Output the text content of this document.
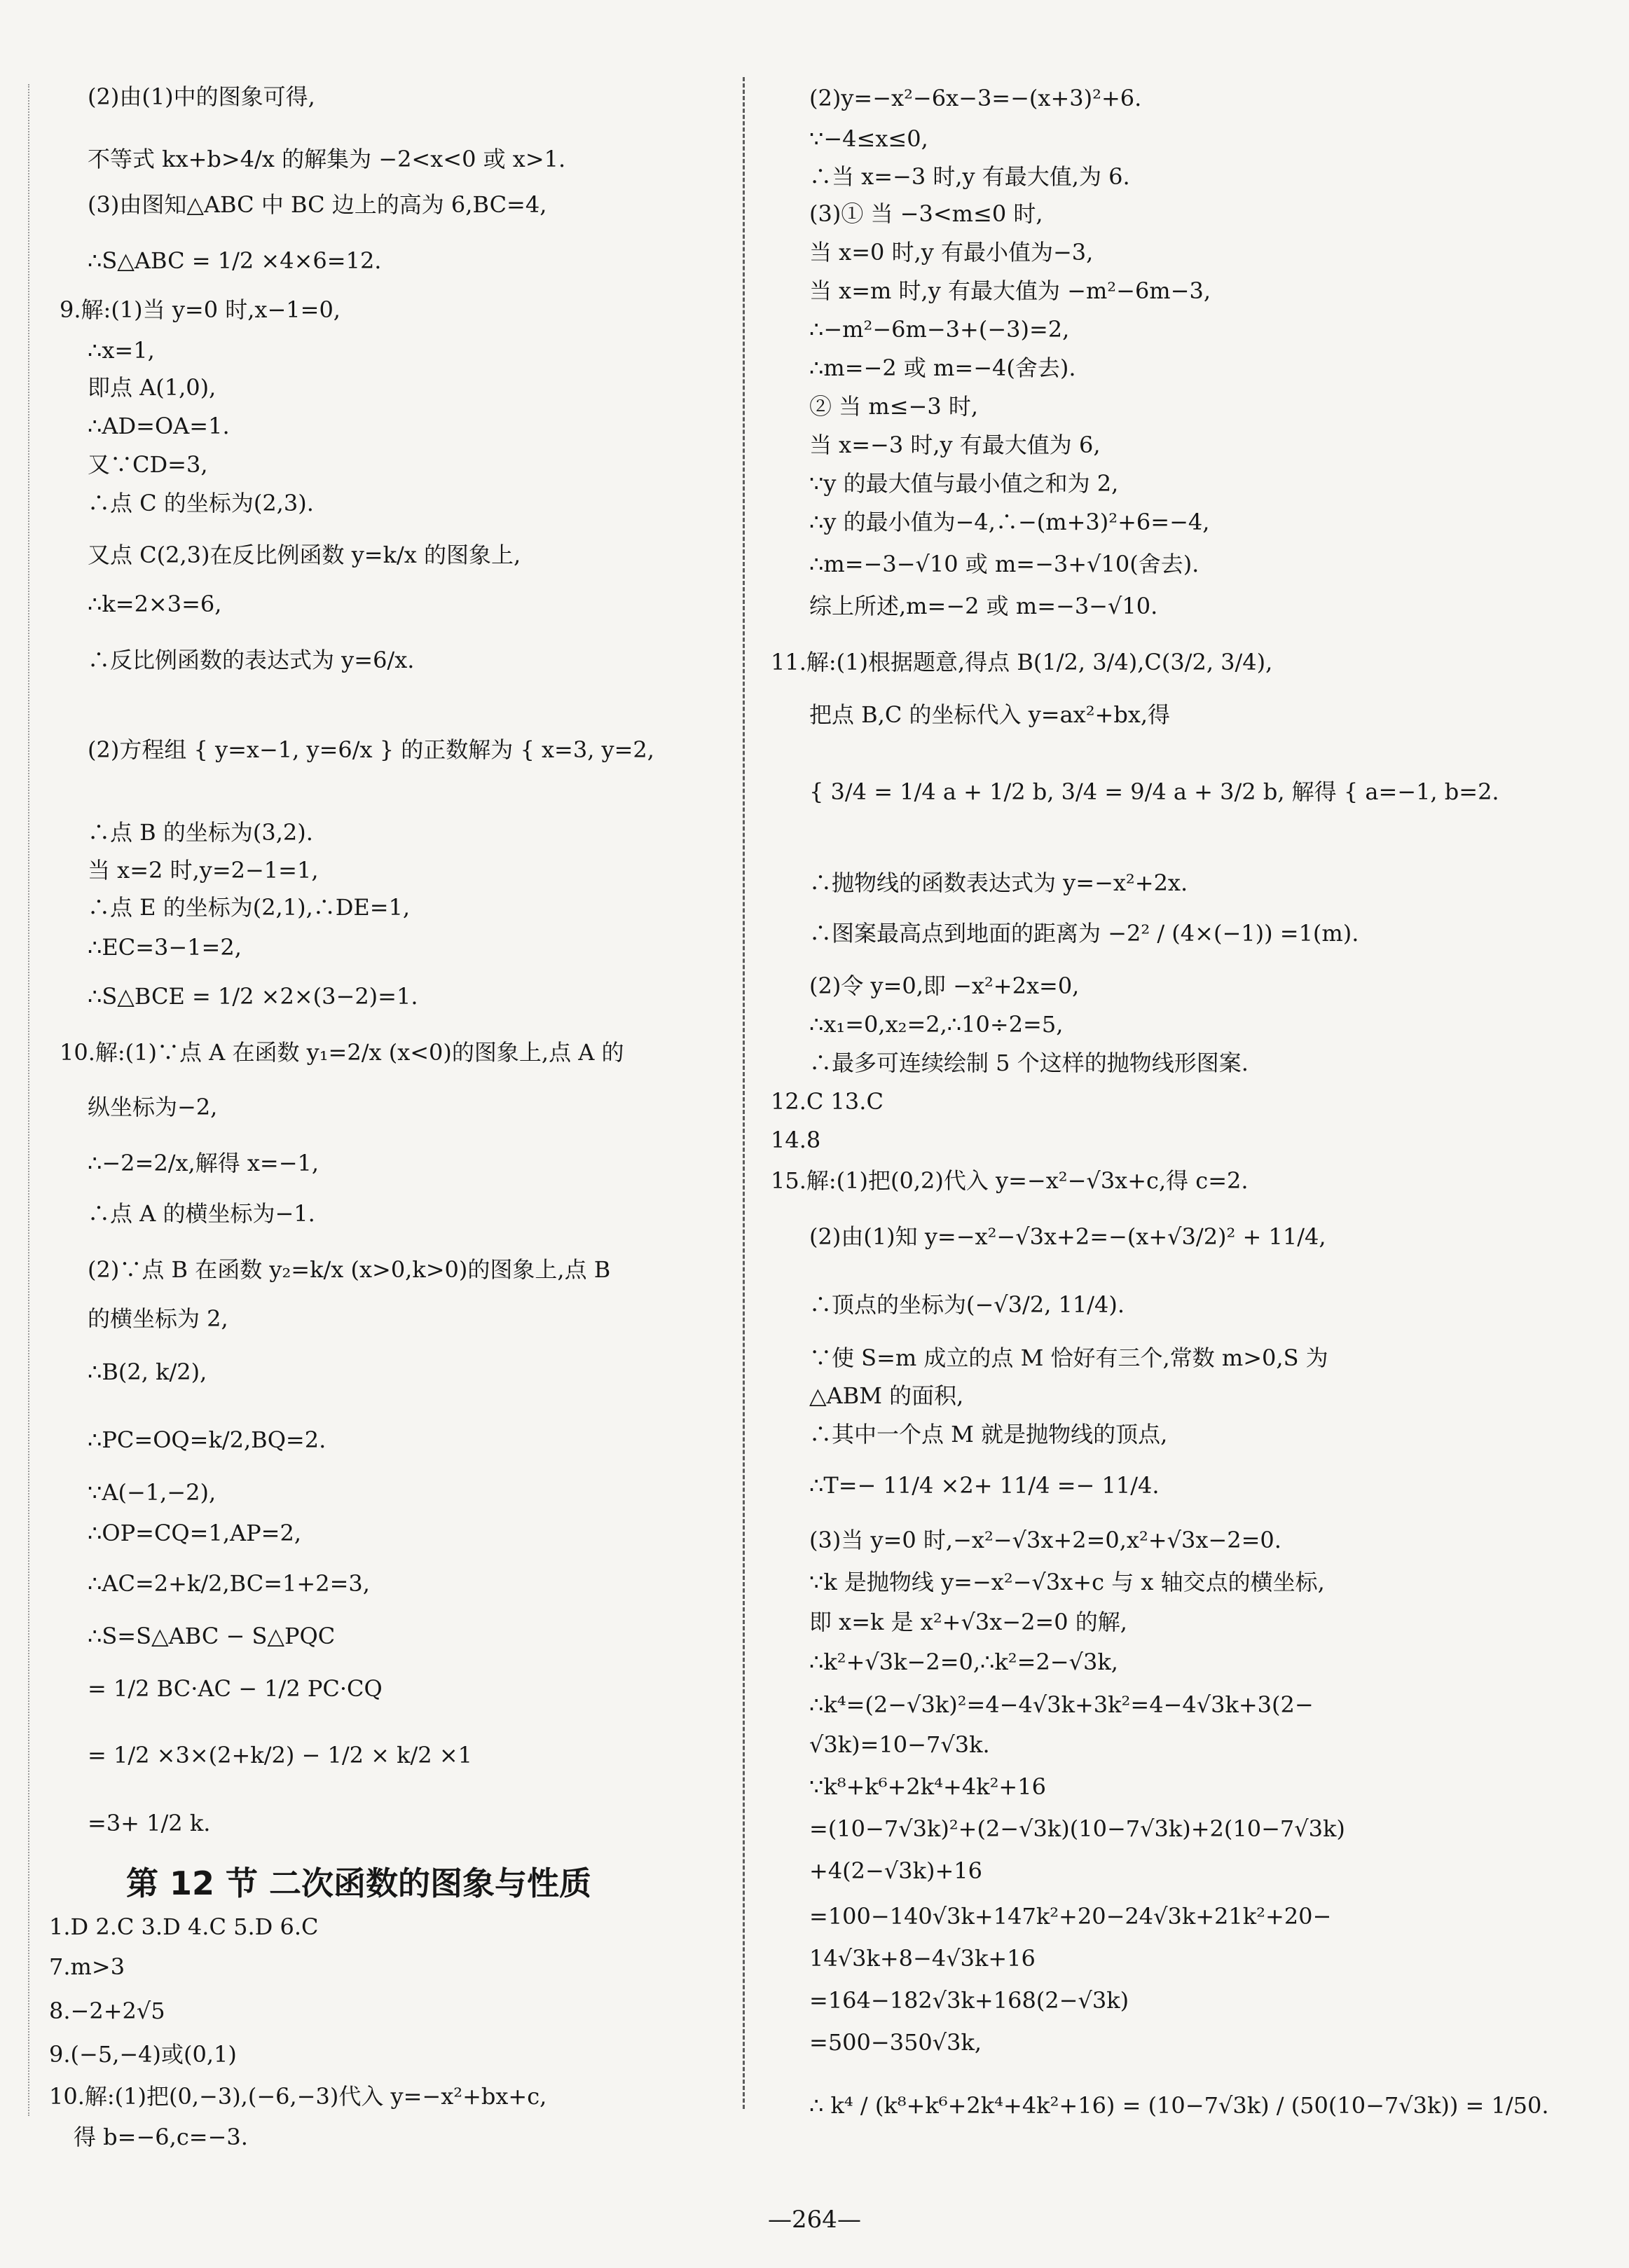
(2)由(1)中的图象可得,
不等式 kx+b>4/x 的解集为 −2<x<0 或 x>1.
(3)由图知△ABC 中 BC 边上的高为 6,BC=4,
∴S△ABC = 1/2 ×4×6=12.
9.解:(1)当 y=0 时,x−1=0,
∴x=1,
即点 A(1,0),
∴AD=OA=1.
又∵CD=3,
∴点 C 的坐标为(2,3).
又点 C(2,3)在反比例函数 y=k/x 的图象上,
∴k=2×3=6,
∴反比例函数的表达式为 y=6/x.
(2)方程组 { y=x−1, y=6/x } 的正数解为 { x=3, y=2,
∴点 B 的坐标为(3,2).
当 x=2 时,y=2−1=1,
∴点 E 的坐标为(2,1),∴DE=1,
∴EC=3−1=2,
∴S△BCE = 1/2 ×2×(3−2)=1.
10.解:(1)∵点 A 在函数 y₁=2/x (x<0)的图象上,点 A 的
纵坐标为−2,
∴−2=2/x,解得 x=−1,
∴点 A 的横坐标为−1.
(2)∵点 B 在函数 y₂=k/x (x>0,k>0)的图象上,点 B
的横坐标为 2,
∴B(2, k/2),
∴PC=OQ=k/2,BQ=2.
∵A(−1,−2),
∴OP=CQ=1,AP=2,
∴AC=2+k/2,BC=1+2=3,
∴S=S△ABC − S△PQC
= 1/2 BC·AC − 1/2 PC·CQ
= 1/2 ×3×(2+k/2) − 1/2 × k/2 ×1
=3+ 1/2 k.
1.D 2.C 3.D 4.C 5.D 6.C
7.m>3
8.−2+2√5
9.(−5,−4)或(0,1)
10.解:(1)把(0,−3),(−6,−3)代入 y=−x²+bx+c,
得 b=−6,c=−3.
(2)y=−x²−6x−3=−(x+3)²+6.
∵−4≤x≤0,
∴当 x=−3 时,y 有最大值,为 6.
(3)① 当 −3<m≤0 时,
当 x=0 时,y 有最小值为−3,
当 x=m 时,y 有最大值为 −m²−6m−3,
∴−m²−6m−3+(−3)=2,
∴m=−2 或 m=−4(舍去).
② 当 m≤−3 时,
当 x=−3 时,y 有最大值为 6,
∵y 的最大值与最小值之和为 2,
∴y 的最小值为−4,∴−(m+3)²+6=−4,
∴m=−3−√10 或 m=−3+√10(舍去).
综上所述,m=−2 或 m=−3−√10.
11.解:(1)根据题意,得点 B(1/2, 3/4),C(3/2, 3/4),
把点 B,C 的坐标代入 y=ax²+bx,得
{ 3/4 = 1/4 a + 1/2 b, 3/4 = 9/4 a + 3/2 b, 解得 { a=−1, b=2.
∴抛物线的函数表达式为 y=−x²+2x.
∴图案最高点到地面的距离为 −2² / (4×(−1)) =1(m).
(2)令 y=0,即 −x²+2x=0,
∴x₁=0,x₂=2,∴10÷2=5,
∴最多可连续绘制 5 个这样的抛物线形图案.
12.C 13.C
14.8
15.解:(1)把(0,2)代入 y=−x²−√3x+c,得 c=2.
(2)由(1)知 y=−x²−√3x+2=−(x+√3/2)² + 11/4,
∴顶点的坐标为(−√3/2, 11/4).
∵使 S=m 成立的点 M 恰好有三个,常数 m>0,S 为
△ABM 的面积,
∴其中一个点 M 就是抛物线的顶点,
∴T=− 11/4 ×2+ 11/4 =− 11/4.
(3)当 y=0 时,−x²−√3x+2=0,x²+√3x−2=0.
∵k 是抛物线 y=−x²−√3x+c 与 x 轴交点的横坐标,
即 x=k 是 x²+√3x−2=0 的解,
∴k²+√3k−2=0,∴k²=2−√3k,
∴k⁴=(2−√3k)²=4−4√3k+3k²=4−4√3k+3(2−
√3k)=10−7√3k.
∵k⁸+k⁶+2k⁴+4k²+16
=(10−7√3k)²+(2−√3k)(10−7√3k)+2(10−7√3k)
+4(2−√3k)+16
=100−140√3k+147k²+20−24√3k+21k²+20−
14√3k+8−4√3k+16
=164−182√3k+168(2−√3k)
=500−350√3k,
∴ k⁴ / (k⁸+k⁶+2k⁴+4k²+16) = (10−7√3k) / (50(10−7√3k)) = 1/50.
第 12 节 二次函数的图象与性质
—264—
